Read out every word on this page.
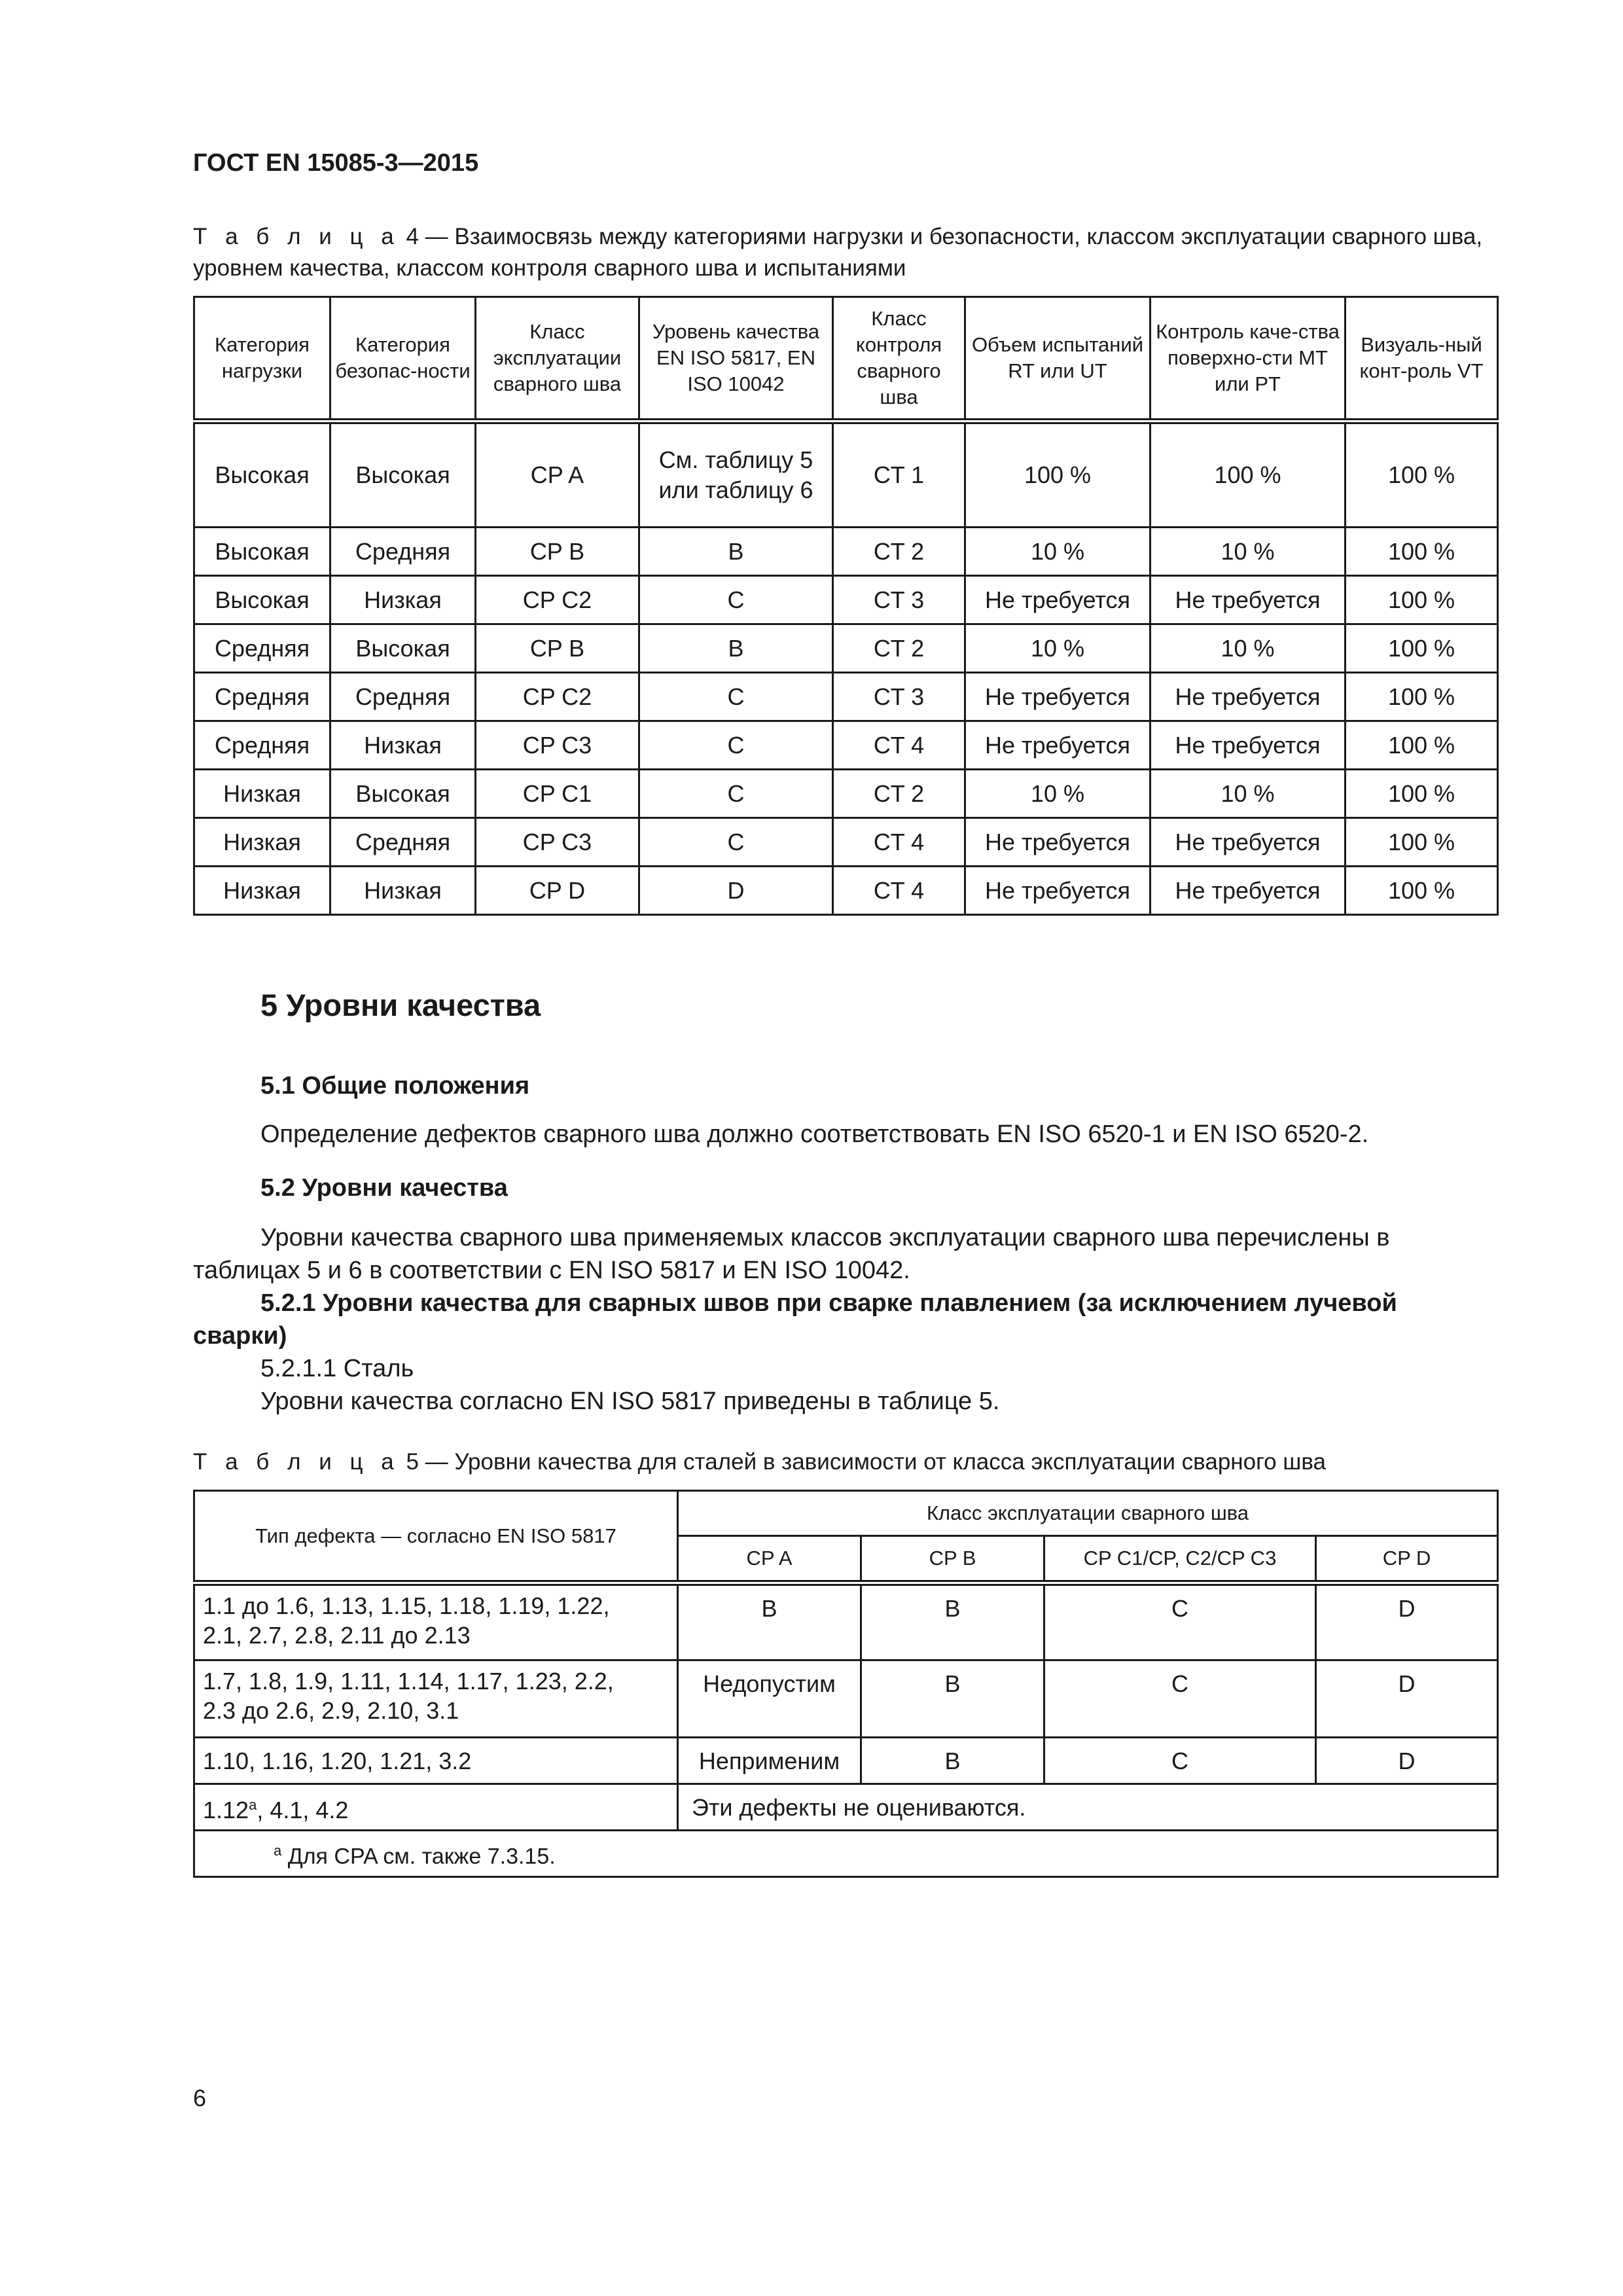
ГОСТ EN 15085-3—2015
Т а б л и ц а 4 — Взаимосвязь между категориями нагрузки и безопасности, классом эксплуатации сварного шва,
уровнем качества, классом контроля сварного шва и испытаниями
Категория нагрузки	Категория безопас-ности	Класс эксплуатации сварного шва	Уровень качества EN ISO 5817, EN ISO 10042	Класс контроля сварного шва	Объем испытаний RT или UT	Контроль каче-ства поверхно-сти MT или PT	Визуаль-ный конт-роль VT
Высокая	Высокая	CP A	См. таблицу 5 или таблицу 6	CT 1	100 %	100 %	100 %
Высокая	Средняя	CP B	B	CT 2	10 %	10 %	100 %
Высокая	Низкая	CP C2	C	CT 3	Не требуется	Не требуется	100 %
Средняя	Высокая	CP B	B	CT 2	10 %	10 %	100 %
Средняя	Средняя	CP C2	C	CT 3	Не требуется	Не требуется	100 %
Средняя	Низкая	CP C3	C	CT 4	Не требуется	Не требуется	100 %
Низкая	Высокая	CP C1	C	CT 2	10 %	10 %	100 %
Низкая	Средняя	CP C3	C	CT 4	Не требуется	Не требуется	100 %
Низкая	Низкая	CP D	D	CT 4	Не требуется	Не требуется	100 %
5 Уровни качества
5.1 Общие положения
Определение дефектов сварного шва должно соответствовать EN ISO 6520-1 и EN ISO 6520-2.
5.2 Уровни качества
Уровни качества сварного шва применяемых классов эксплуатации сварного шва перечислены в
таблицах 5 и 6 в соответствии с EN ISO 5817 и EN ISO 10042.
5.2.1 Уровни качества для сварных швов при сварке плавлением (за исключением лучевой
сварки)
5.2.1.1 Сталь
Уровни качества согласно EN ISO 5817 приведены в таблице 5.
Т а б л и ц а 5 — Уровни качества для сталей в зависимости от класса эксплуатации сварного шва
Тип дефекта — согласно EN ISO 5817	Класс эксплуатации сварного шва			
	CP A	CP B	CP C1/CP, C2/CP C3	CP D

1.1 до 1.6, 1.13, 1.15, 1.18, 1.19, 1.22,
2.1, 2.7, 2.8, 2.11 до 2.13	B	B	C	D

1.7, 1.8, 1.9, 1.11, 1.14, 1.17, 1.23, 2.2,
2.3 до 2.6, 2.9, 2.10, 3.1	Недопустим	B	C	D
1.10, 1.16, 1.20, 1.21, 3.2	Неприменим	B	C	D
1.12$^a$, 4.1, 4.2	Эти дефекты не оцениваются.			
$^a$ Для CPA см. также 7.3.15.				
6
